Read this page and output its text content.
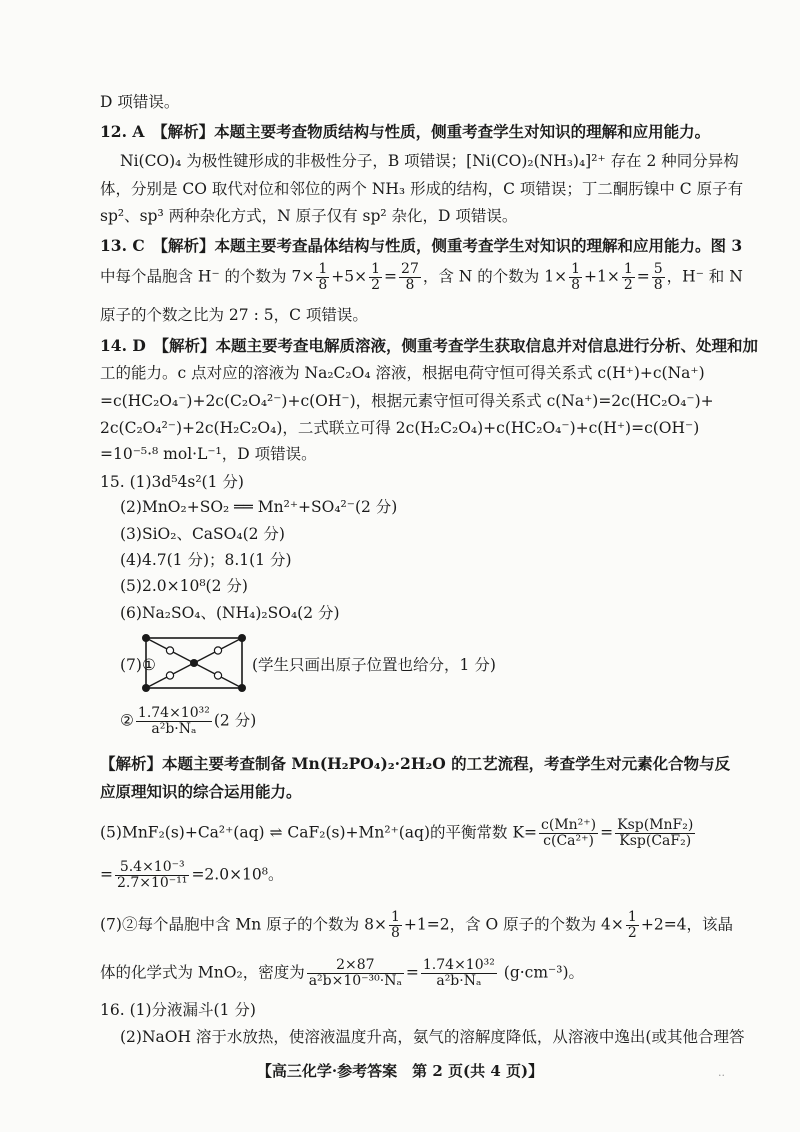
D 项错误。
12. A　【解析】本题主要考查物质结构与性质，侧重考查学生对知识的理解和应用能力。
Ni(CO)₄ 为极性键形成的非极性分子，B 项错误；[Ni(CO)₂(NH₃)₄]²⁺ 存在 2 种同分异构
体，分别是 CO 取代对位和邻位的两个 NH₃ 形成的结构，C 项错误；丁二酮肟镍中 C 原子有
sp²、sp³ 两种杂化方式，N 原子仅有 sp² 杂化，D 项错误。
13. C　【解析】本题主要考查晶体结构与性质，侧重考查学生对知识的理解和应用能力。图 3
中每个晶胞含 H⁻ 的个数为 $7\times \frac{1}{8} +5\times \frac{1}{2} = \frac{27}{8}$ ，含 N 的个数为 $1\times \frac{1}{8} +1\times \frac{1}{2} = \frac{5}{8}$ ，H⁻ 和 N
原子的个数之比为 27 : 5，C 项错误。
14. D　【解析】本题主要考查电解质溶液，侧重考查学生获取信息并对信息进行分析、处理和加
工的能力。c 点对应的溶液为 Na₂C₂O₄ 溶液，根据电荷守恒可得关系式 c(H⁺)+c(Na⁺)
=c(HC₂O₄⁻)+2c(C₂O₄²⁻)+c(OH⁻)，根据元素守恒可得关系式 c(Na⁺)=2c(HC₂O₄⁻)+
2c(C₂O₄²⁻)+2c(H₂C₂O₄)，二式联立可得 2c(H₂C₂O₄)+c(HC₂O₄⁻)+c(H⁺)=c(OH⁻)
=10⁻⁵·⁸ mol·L⁻¹，D 项错误。
15. (1)3d⁵4s²(1 分)
(2)MnO₂+SO₂ ══ Mn²⁺+SO₄²⁻(2 分)
(3)SiO₂、CaSO₄(2 分)
(4)4.7(1 分)；8.1(1 分)
(5)2.0×10⁸(2 分)
(6)Na₂SO₄、(NH₄)₂SO₄(2 分)
(7)①	(学生只画出原子位置也给分，1 分)
② $\frac{\text{1.74×10³²}}{\text{a²b·Nₐ}} (2$ 分)
【解析】本题主要考查制备 Mn(H₂PO₄)₂·2H₂O 的工艺流程，考查学生对元素化合物与反
应原理知识的综合运用能力。
(5)MnF₂(s)+Ca²⁺(aq) ⇌ CaF₂(s)+Mn²⁺(aq)的平衡常数 $K= \frac{\text{c(Mn²⁺)}}{\text{c(Ca²⁺)}} = \frac{\text{Ksp(MnF₂)}}{\text{Ksp(CaF₂)}}$
= $\frac{\text{5.4×10⁻³}}{\text{2.7×10⁻¹¹}} =2.0\times 10^8$。
(7)②每个晶胞中含 Mn 原子的个数为 $8\times \frac{1}{8} +1=2$，含 O 原子的个数为 $4\times \frac{1}{2} +2=4$，该晶
体的化学式为 MnO₂，密度为 $\frac{2\times 87}{\text{a²b×10⁻³⁰·Nₐ}} = \frac{\text{1.74×10³²}}{\text{a²b·Nₐ}} (g\cdot cm^{-3})$。
16. (1)分液漏斗(1 分)
(2)NaOH 溶于水放热，使溶液温度升高，氨气的溶解度降低，从溶液中逸出(或其他合理答
【高三化学·参考答案　第 2 页(共 4 页)】	..
